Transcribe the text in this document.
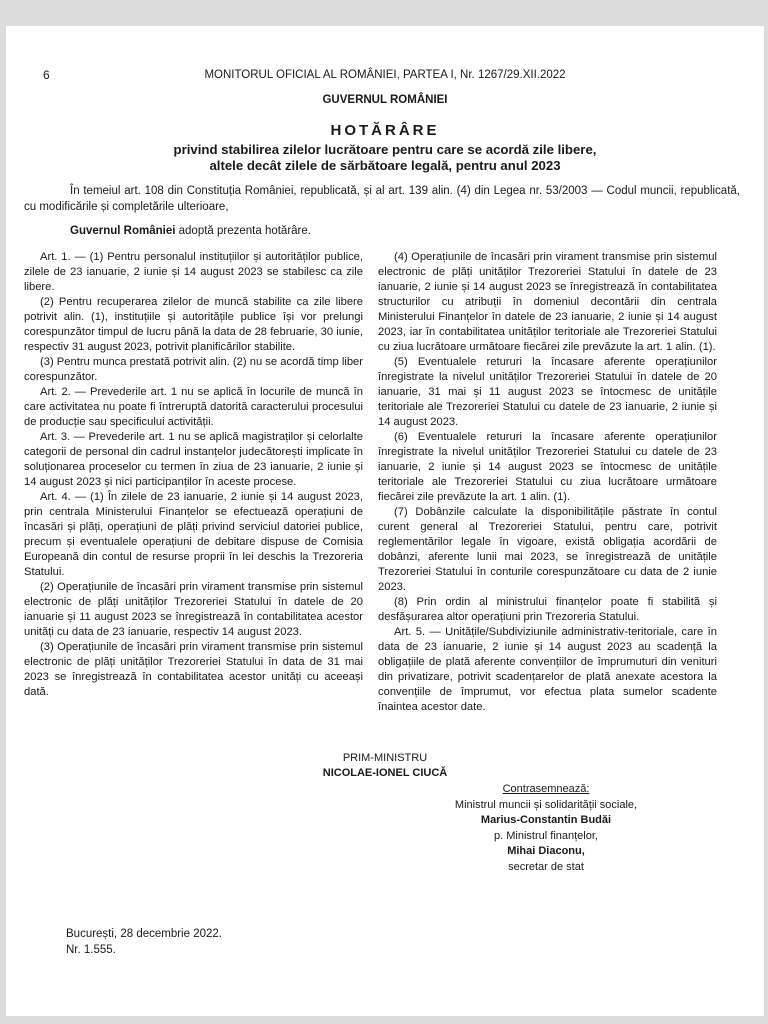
6	MONITORUL OFICIAL AL ROMÂNIEI, PARTEA I, Nr. 1267/29.XII.2022
GUVERNUL ROMÂNIEI
HOTĂRÂRE
privind stabilirea zilelor lucrătoare pentru care se acordă zile libere,
altele decât zilele de sărbătoare legală, pentru anul 2023

În temeiul art. 108 din Constituția României, republicată, și al art. 139 alin. (4) din Legea nr. 53/2003 — Codul muncii, republicată, cu modificările și completările ulterioare,

Guvernul României adoptă prezenta hotărâre.

Art. 1. — (1) Pentru personalul instituțiilor și autorităților publice, zilele de 23 ianuarie, 2 iunie și 14 august 2023 se stabilesc ca zile libere.

(2) Pentru recuperarea zilelor de muncă stabilite ca zile libere potrivit alin. (1), instituțiile și autoritățile publice își vor prelungi corespunzător timpul de lucru până la data de 28 februarie, 30 iunie, respectiv 31 august 2023, potrivit planificărilor stabilite.

(3) Pentru munca prestată potrivit alin. (2) nu se acordă timp liber corespunzător.

Art. 2. — Prevederile art. 1 nu se aplică în locurile de muncă în care activitatea nu poate fi întreruptă datorită caracterului procesului de producție sau specificului activității.

Art. 3. — Prevederile art. 1 nu se aplică magistraților și celorlalte categorii de personal din cadrul instanțelor judecătorești implicate în soluționarea proceselor cu termen în ziua de 23 ianuarie, 2 iunie și 14 august 2023 și nici participanților în aceste procese.

Art. 4. — (1) În zilele de 23 ianuarie, 2 iunie și 14 august 2023, prin centrala Ministerului Finanțelor se efectuează operațiuni de încasări și plăți, operațiuni de plăți privind serviciul datoriei publice, precum și eventualele operațiuni de debitare dispuse de Comisia Europeană din contul de resurse proprii în lei deschis la Trezoreria Statului.

(2) Operațiunile de încasări prin virament transmise prin sistemul electronic de plăți unităților Trezoreriei Statului în datele de 20 ianuarie și 11 august 2023 se înregistrează în contabilitatea acestor unități cu data de 23 ianuarie, respectiv 14 august 2023.

(3) Operațiunile de încasări prin virament transmise prin sistemul electronic de plăți unităților Trezoreriei Statului în data de 31 mai 2023 se înregistrează în contabilitatea acestor unități cu aceeași dată.

(4) Operațiunile de încasări prin virament transmise prin sistemul electronic de plăți unităților Trezoreriei Statului în datele de 23 ianuarie, 2 iunie și 14 august 2023 se înregistrează în contabilitatea structurilor cu atribuții în domeniul decontării din centrala Ministerului Finanțelor în datele de 23 ianuarie, 2 iunie și 14 august 2023, iar în contabilitatea unităților teritoriale ale Trezoreriei Statului cu ziua lucrătoare următoare fiecărei zile prevăzute la art. 1 alin. (1).

(5) Eventualele retururi la încasare aferente operațiunilor înregistrate la nivelul unităților Trezoreriei Statului în datele de 20 ianuarie, 31 mai și 11 august 2023 se întocmesc de unitățile teritoriale ale Trezoreriei Statului cu datele de 23 ianuarie, 2 iunie și 14 august 2023.

(6) Eventualele retururi la încasare aferente operațiunilor înregistrate la nivelul unităților Trezoreriei Statului cu datele de 23 ianuarie, 2 iunie și 14 august 2023 se întocmesc de unitățile teritoriale ale Trezoreriei Statului cu ziua lucrătoare următoare fiecărei zile prevăzute la art. 1 alin. (1).

(7) Dobânzile calculate la disponibilitățile păstrate în contul curent general al Trezoreriei Statului, pentru care, potrivit reglementărilor legale în vigoare, există obligația acordării de dobânzi, aferente lunii mai 2023, se înregistrează de unitățile Trezoreriei Statului în conturile corespunzătoare cu data de 2 iunie 2023.

(8) Prin ordin al ministrului finanțelor poate fi stabilită și desfășurarea altor operațiuni prin Trezoreria Statului.

Art. 5. — Unitățile/Subdiviziunile administrativ-teritoriale, care în data de 23 ianuarie, 2 iunie și 14 august 2023 au scadență la obligațiile de plată aferente convențiilor de împrumuturi din venituri din privatizare, potrivit scadențarelor de plată anexate acestora la convențiile de împrumut, vor efectua plata sumelor scadente înaintea acestor date.

PRIM-MINISTRU
NICOLAE-IONEL CIUCĂ
Contrasemnează:
Ministrul muncii și solidarității sociale,
Marius-Constantin Budăi
p. Ministrul finanțelor,
Mihai Diaconu,
secretar de stat
București, 28 decembrie 2022.
Nr. 1.555.
